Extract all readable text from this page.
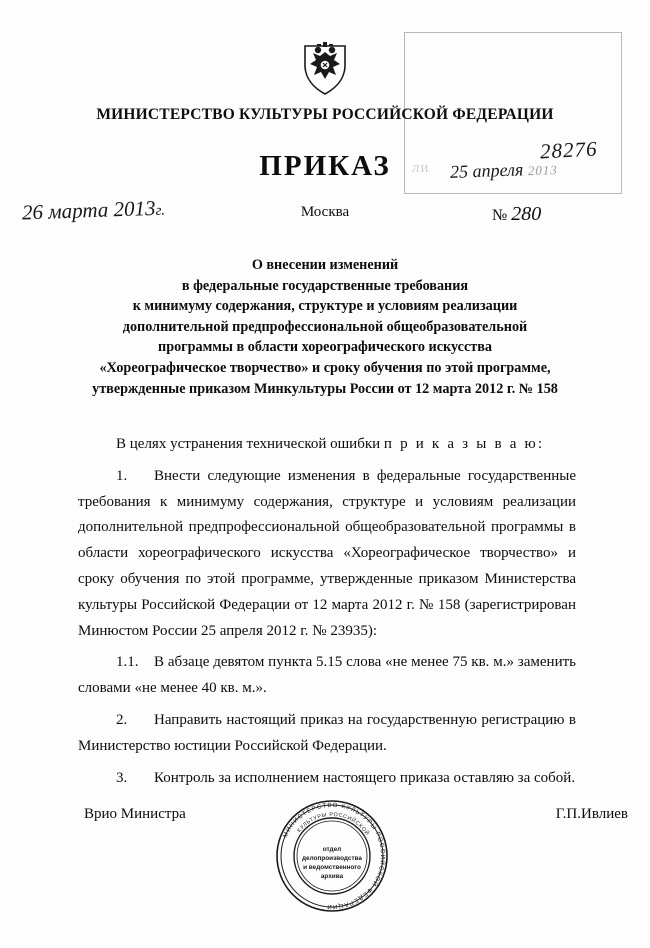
ЛИ
28276
25 апреля 2013
МИНИСТЕРСТВО КУЛЬТУРЫ РОССИЙСКОЙ ФЕДЕРАЦИИ
ПРИКАЗ
26 марта 2013г.	Москва	№ 280
О внесении изменений
в федеральные государственные требования
к минимуму содержания, структуре и условиям реализации
дополнительной предпрофессиональной общеобразовательной
программы в области хореографического искусства
«Хореографическое творчество» и сроку обучения по этой программе,
утвержденные приказом Минкультуры России от 12 марта 2012 г. № 158

В целях устранения технической ошибки п р и к а з ы в а ю:

1. Внести следующие изменения в федеральные государственные требования к минимуму содержания, структуре и условиям реализации дополнительной предпрофессиональной общеобразовательной программы в области хореографического искусства «Хореографическое творчество» и сроку обучения по этой программе, утвержденные приказом Министерства культуры Российской Федерации от 12 марта 2012 г. № 158 (зарегистрирован Минюстом России 25 апреля 2012 г. № 23935):

1.1. В абзаце девятом пункта 5.15 слова «не менее 75 кв. м.» заменить словами «не менее 40 кв. м.».

2. Направить настоящий приказ на государственную регистрацию в Министерство юстиции Российской Федерации.

3. Контроль за исполнением настоящего приказа оставляю за собой.

Врио Министра	Г.П.Ивлиев
МИНИСТЕРСТВО КУЛЬТУРЫ РОССИЙСКОЙ ФЕДЕРАЦИИ
КУЛЬТУРЫ РОССИЙСКОЙ
отдел
делопроизводства
и ведомственного
архива
